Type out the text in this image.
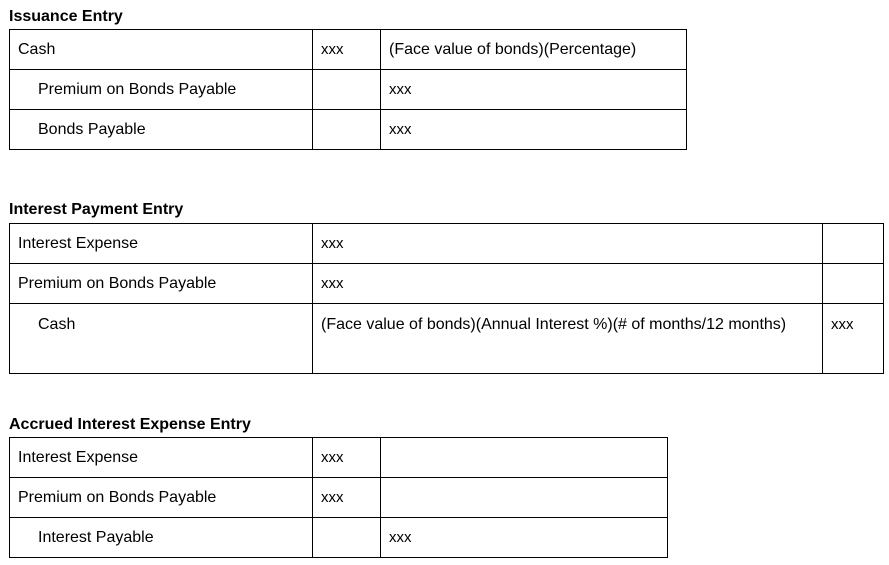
Issuance Entry
Cash	xxx	(Face value of bonds)(Percentage)
Premium on Bonds Payable		xxx
Bonds Payable		xxx
Interest Payment Entry
Interest Expense	xxx	
Premium on Bonds Payable	xxx	
Cash	(Face value of bonds)(Annual Interest %)(# of months/12 months)	xxx
Accrued Interest Expense Entry
Interest Expense	xxx	
Premium on Bonds Payable	xxx	
Interest Payable		xxx
